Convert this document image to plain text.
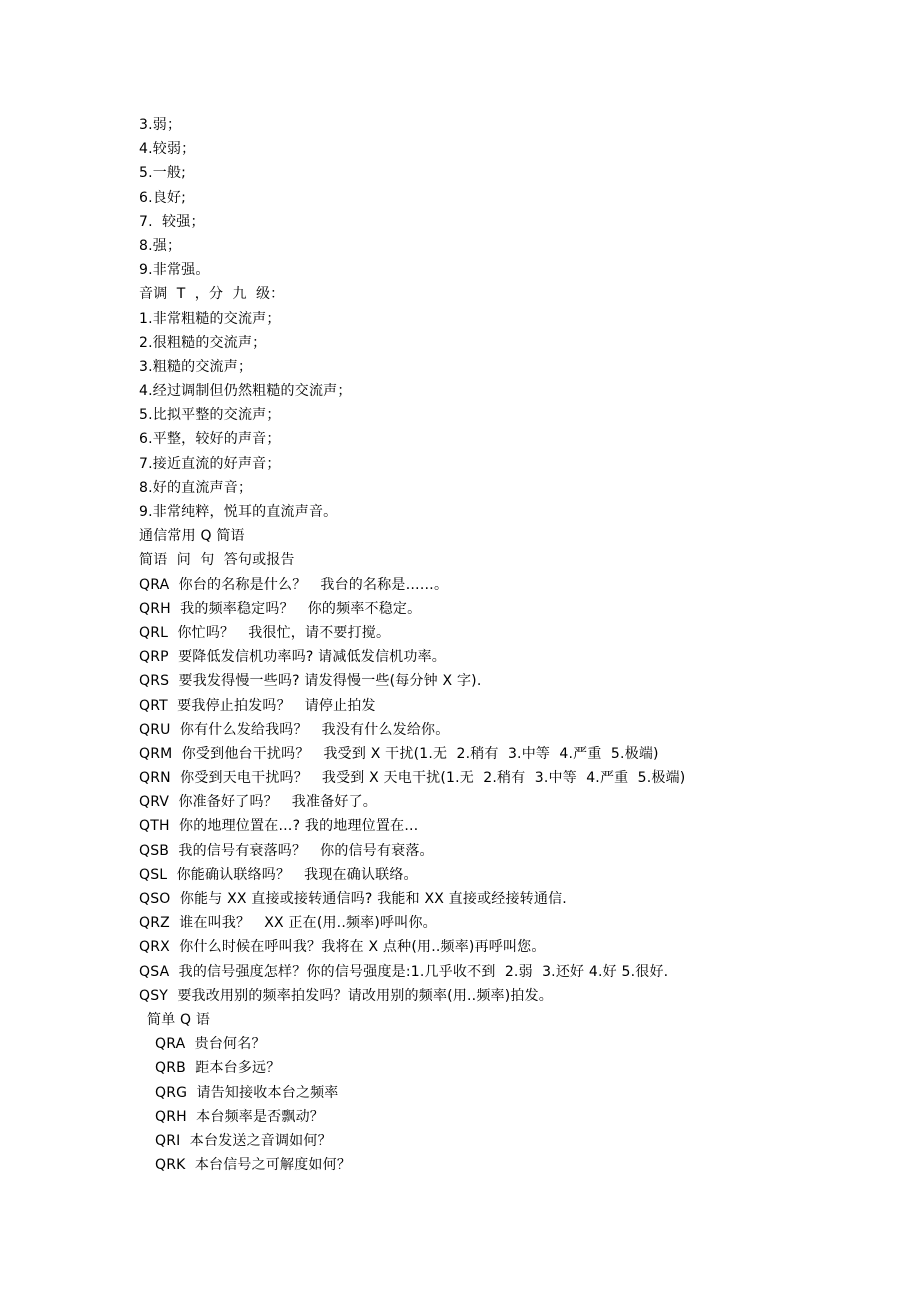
3.弱；
4.较弱；
5.一般;
6.良好;
7.  较强；
8.强；
9.非常强。
音调  T  ，分  九  级：
1.非常粗糙的交流声；
2.很粗糙的交流声；
3.粗糙的交流声；
4.经过调制但仍然粗糙的交流声；
5.比拟平整的交流声；
6.平整，较好的声音；
7.接近直流的好声音；
8.好的直流声音；
9.非常纯粹，悦耳的直流声音。
通信常用 Q 简语
简语  问  句  答句或报告
QRA  你台的名称是什么？   我台的名称是……。
QRH  我的频率稳定吗？   你的频率不稳定。
QRL  你忙吗？   我很忙，请不要打搅。
QRP  要降低发信机功率吗? 请减低发信机功率。
QRS  要我发得慢一些吗? 请发得慢一些(每分钟 X 字).
QRT  要我停止拍发吗？   请停止拍发
QRU  你有什么发给我吗？   我没有什么发给你。
QRM  你受到他台干扰吗？   我受到 X 干扰(1.无  2.稍有  3.中等  4.严重  5.极端)
QRN  你受到天电干扰吗？   我受到 X 天电干扰(1.无  2.稍有  3.中等  4.严重  5.极端)
QRV  你准备好了吗？   我准备好了。
QTH  你的地理位置在…? 我的地理位置在…
QSB  我的信号有衰落吗？   你的信号有衰落。
QSL  你能确认联络吗？   我现在确认联络。
QSO  你能与 XX 直接或接转通信吗? 我能和 XX 直接或经接转通信.
QRZ  谁在叫我？   XX 正在(用..频率)呼叫你。
QRX  你什么时候在呼叫我？我将在 X 点种(用..频率)再呼叫您。
QSA  我的信号强度怎样？你的信号强度是:1.几乎收不到  2.弱  3.还好 4.好 5.很好.
QSY  要我改用别的频率拍发吗？请改用别的频率(用..频率)拍发。
简单 Q 语
QRA  贵台何名？
QRB  距本台多远？
QRG  请告知接收本台之频率
QRH  本台频率是否飘动？
QRI  本台发送之音调如何？
QRK  本台信号之可解度如何？
